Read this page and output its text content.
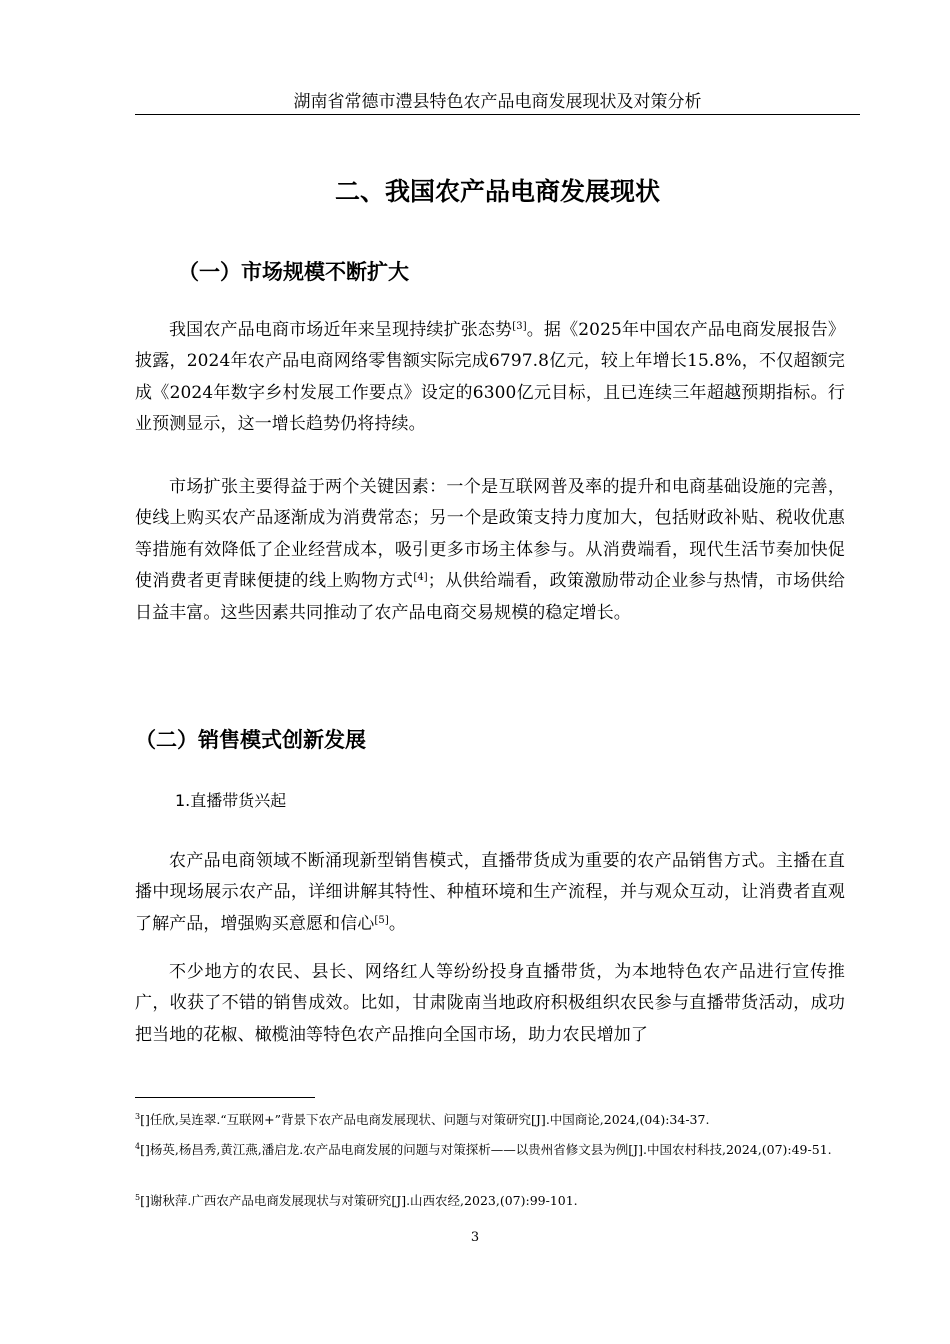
湖南省常德市澧县特色农产品电商发展现状及对策分析
二、我国农产品电商发展现状
（一）市场规模不断扩大

我国农产品电商市场近年来呈现持续扩张态势[3]。据《2025年中国农产品电商发展报告》披露，2024年农产品电商网络零售额实际完成6797.8亿元，较上年增长15.8%，不仅超额完成《2024年数字乡村发展工作要点》设定的6300亿元目标，且已连续三年超越预期指标。行业预测显示，这一增长趋势仍将持续。

市场扩张主要得益于两个关键因素：一个是互联网普及率的提升和电商基础设施的完善，使线上购买农产品逐渐成为消费常态；另一个是政策支持力度加大，包括财政补贴、税收优惠等措施有效降低了企业经营成本，吸引更多市场主体参与。从消费端看，现代生活节奏加快促使消费者更青睐便捷的线上购物方式[4]；从供给端看，政策激励带动企业参与热情，市场供给日益丰富。这些因素共同推动了农产品电商交易规模的稳定增长。

（二）销售模式创新发展
1.直播带货兴起

农产品电商领域不断涌现新型销售模式，直播带货成为重要的农产品销售方式。主播在直播中现场展示农产品，详细讲解其特性、种植环境和生产流程，并与观众互动，让消费者直观了解产品，增强购买意愿和信心[5]。

不少地方的农民、县长、网络红人等纷纷投身直播带货，为本地特色农产品进行宣传推广，收获了不错的销售成效。比如，甘肃陇南当地政府积极组织农民参与直播带货活动，成功把当地的花椒、橄榄油等特色农产品推向全国市场，助力农民增加了

$^3$[]任欣,吴连翠.“互联网+”背景下农产品电商发展现状、问题与对策研究[J].中国商论,2024,(04):34-37.

$^4$[]杨英,杨昌秀,黄江燕,潘启龙.农产品电商发展的问题与对策探析——以贵州省修文县为例[J].中国农村科技,2024,(07):49-51.

$^5$[]谢秋萍.广西农产品电商发展现状与对策研究[J].山西农经,2023,(07):99-101.

3
